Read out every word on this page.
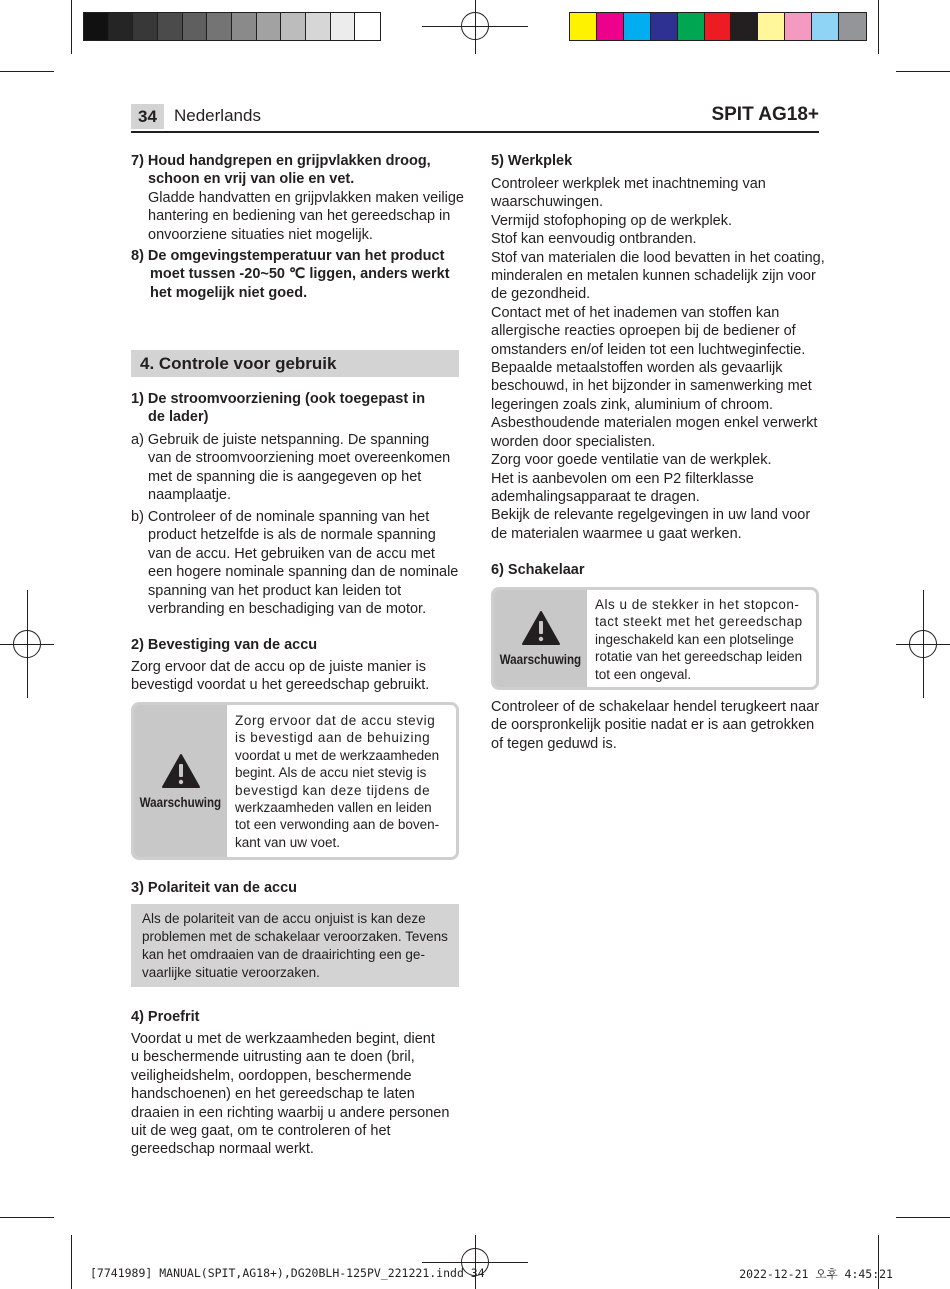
34	Nederlands	SPIT AG18+
7) Houd handgrepen en grijpvlakken droog,
schoon en vrij van olie en vet.
Gladde handvatten en grijpvlakken maken veilige
hantering en bediening van het gereedschap in
onvoorziene situaties niet mogelijk.
8) De omgevingstemperatuur van het product
moet tussen -20~50 ℃ liggen, anders werkt
het mogelijk niet goed.
4. Controle voor gebruik
1) De stroomvoorziening (ook toegepast in
de lader)
a) Gebruik de juiste netspanning. De spanning
van de stroomvoorziening moet overeenkomen
met de spanning die is aangegeven op het
naamplaatje.
b) Controleer of de nominale spanning van het
product hetzelfde is als de normale spanning
van de accu. Het gebruiken van de accu met
een hogere nominale spanning dan de nominale
spanning van het product kan leiden tot
verbranding en beschadiging van de motor.
2) Bevestiging van de accu
Zorg ervoor dat de accu op de juiste manier is
bevestigd voordat u het gereedschap gebruikt.
Waarschuwing
Zorg ervoor dat de accu stevig
is bevestigd aan de behuizing
voordat u met de werkzaamheden
begint. Als de accu niet stevig is
bevestigd kan deze tijdens de
werkzaamheden vallen en leiden
tot een verwonding aan de boven-
kant van uw voet.
3) Polariteit van de accu
Als de polariteit van de accu onjuist is kan deze
problemen met de schakelaar veroorzaken. Tevens
kan het omdraaien van de draairichting een ge-
vaarlijke situatie veroorzaken.
4) Proefrit
Voordat u met de werkzaamheden begint, dient
u beschermende uitrusting aan te doen (bril,
veiligheidshelm, oordoppen, beschermende
handschoenen) en het gereedschap te laten
draaien in een richting waarbij u andere personen
uit de weg gaat, om te controleren of het
gereedschap normaal werkt.
5) Werkplek
Controleer werkplek met inachtneming van
waarschuwingen.
Vermijd stofophoping op de werkplek.
Stof kan eenvoudig ontbranden.
Stof van materialen die lood bevatten in het coating,
minderalen en metalen kunnen schadelijk zijn voor
de gezondheid.
Contact met of het inademen van stoffen kan
allergische reacties oproepen bij de bediener of
omstanders en/of leiden tot een luchtweginfectie.
Bepaalde metaalstoffen worden als gevaarlijk
beschouwd, in het bijzonder in samenwerking met
legeringen zoals zink, aluminium of chroom.
Asbesthoudende materialen mogen enkel verwerkt
worden door specialisten.
Zorg voor goede ventilatie van de werkplek.
Het is aanbevolen om een P2 filterklasse
ademhalingsapparaat te dragen.
Bekijk de relevante regelgevingen in uw land voor
de materialen waarmee u gaat werken.
6) Schakelaar
Waarschuwing
Als u de stekker in het stopcon-
tact steekt met het gereedschap
ingeschakeld kan een plotselinge
rotatie van het gereedschap leiden
tot een ongeval.
Controleer of de schakelaar hendel terugkeert naar
de oorspronkelijk positie nadat er is aan getrokken
of tegen geduwd is.
[7741989] MANUAL(SPIT,AG18+),DG20BLH-125PV_221221.indd 34	2022-12-21 오후 4:45:21
